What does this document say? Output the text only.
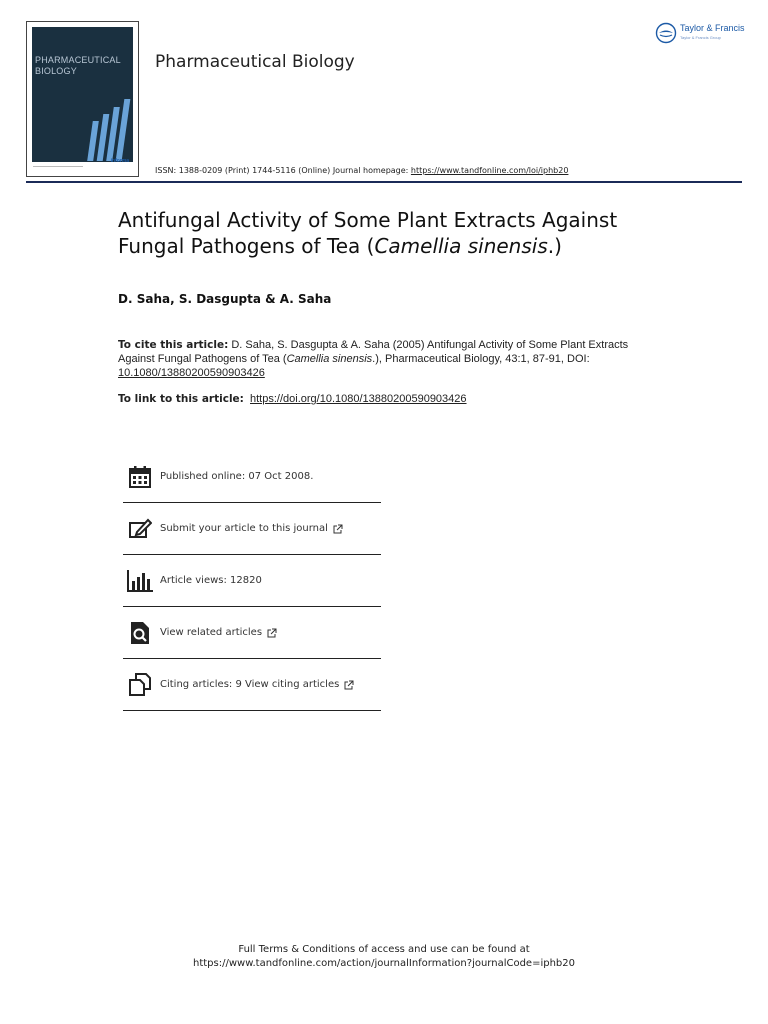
PHARMACEUTICAL
BIOLOGY
informa
Pharmaceutical Biology
Taylor & Francis
Taylor & Francis Group
ISSN: 1388-0209 (Print) 1744-5116 (Online) Journal homepage: https://www.tandfonline.com/loi/iphb20
Antifungal Activity of Some Plant Extracts Against Fungal Pathogens of Tea (Camellia sinensis.)
D. Saha, S. Dasgupta & A. Saha
To cite this article: D. Saha, S. Dasgupta & A. Saha (2005) Antifungal Activity of Some Plant Extracts Against Fungal Pathogens of Tea (Camellia sinensis.), Pharmaceutical Biology, 43:1, 87-91, DOI: 10.1080/13880200590903426
To link to this article: https://doi.org/10.1080/13880200590903426
Published online: 07 Oct 2008.
Submit your article to this journal
Article views: 12820
View related articles
Citing articles: 9 View citing articles
Full Terms & Conditions of access and use can be found at
https://www.tandfonline.com/action/journalInformation?journalCode=iphb20
